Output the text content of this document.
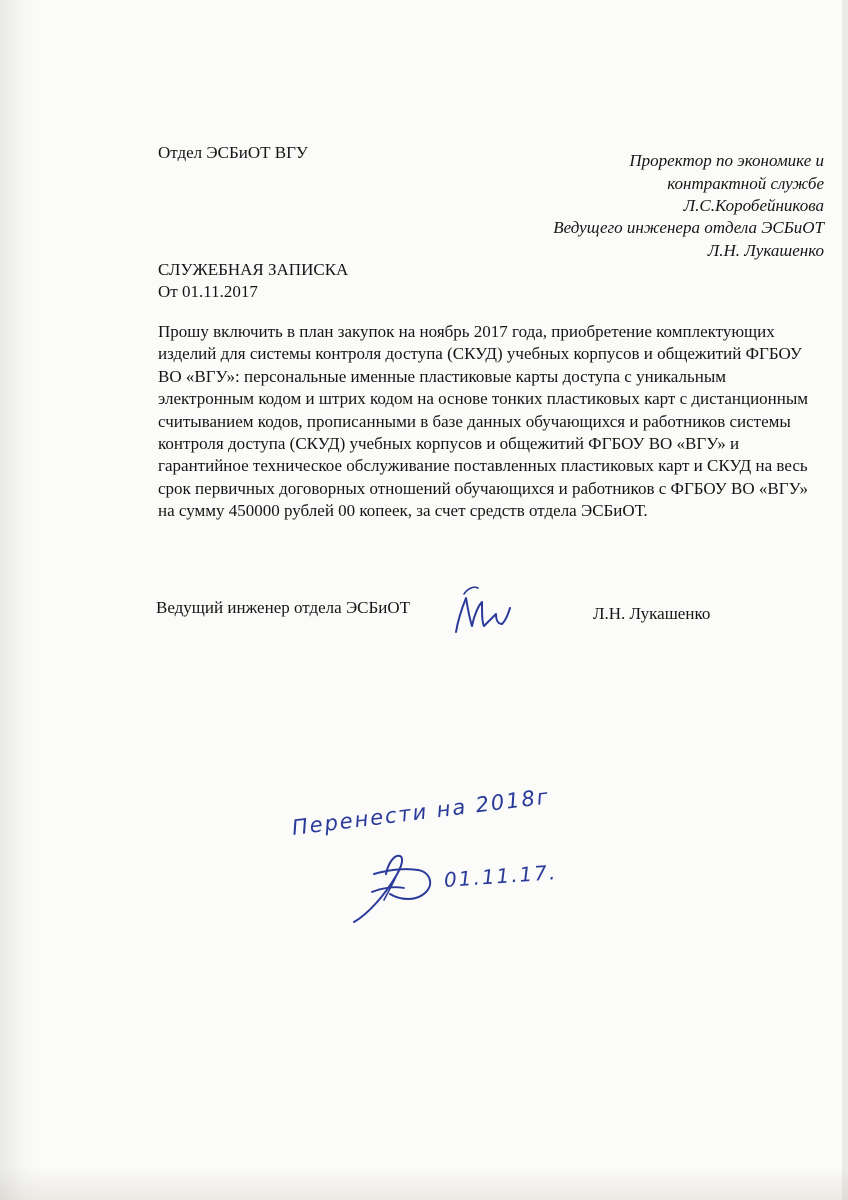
Отдел ЭСБиОТ ВГУ	Проректор по экономике и
контрактной службе
Л.С.Коробейникова
Ведущего инженера отдела ЭСБиОТ
Л.Н. Лукашенко
СЛУЖЕБНАЯ ЗАПИСКА
От 01.11.2017
Прошу включить в план закупок на ноябрь 2017 года, приобретение комплектующих
изделий для системы контроля доступа (СКУД) учебных корпусов и общежитий ФГБОУ
ВО «ВГУ»: персональные именные пластиковые карты доступа с уникальным
электронным кодом и штрих кодом на основе тонких пластиковых карт с дистанционным
считыванием кодов, прописанными в базе данных обучающихся и работников системы
контроля доступа (СКУД) учебных корпусов и общежитий ФГБОУ ВО «ВГУ» и
гарантийное техническое обслуживание поставленных пластиковых карт и СКУД на весь
срок первичных договорных отношений обучающихся и работников с ФГБОУ ВО «ВГУ»
на сумму 450000 рублей 00 копеек, за счет средств отдела ЭСБиОТ.
Ведущий инженер отдела ЭСБиОТ	Л.Н. Лукашенко
Перенести на 2018г
01.11.17.
